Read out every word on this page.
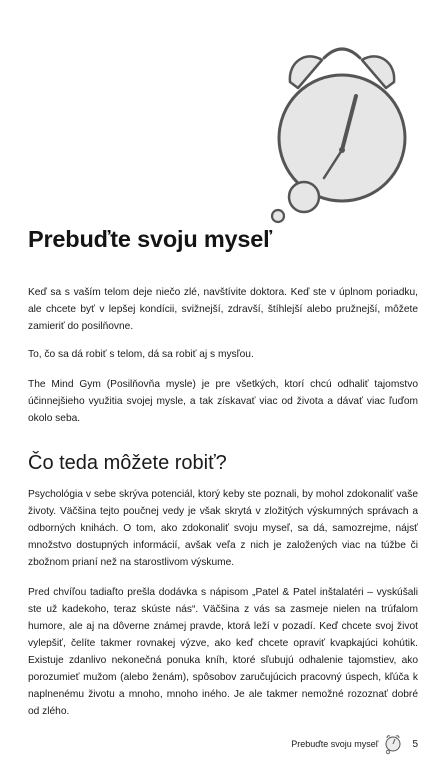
Prebuďte svoju myseľ

Keď sa s vaším telom deje niečo zlé, navštívite doktora. Keď ste v úplnom poriadku, ale chcete byť v lepšej kondícii, svižnejší, zdravší, štíhlejší alebo pružnejší, môžete zamieriť do posilňovne.

To, čo sa dá robiť s telom, dá sa robiť aj s mysľou.

The Mind Gym (Posilňovňa mysle) je pre všetkých, ktorí chcú odhaliť tajomstvo účinnejšieho využitia svojej mysle, a tak získavať viac od života a dávať viac ľuďom okolo seba.

Čo teda môžete robiť?

Psychológia v sebe skrýva potenciál, ktorý keby ste poznali, by mohol zdokonaliť vaše životy. Väčšina tejto poučnej vedy je však skrytá v zložitých výskumných správach a odborných knihách. O tom, ako zdokonaliť svoju myseľ, sa dá, samozrejme, nájsť množstvo dostupných informácií, avšak veľa z nich je založených viac na túžbe či zbožnom prianí než na starostlivom výskume.

Pred chvíľou tadiaľto prešla dodávka s nápisom „Patel & Patel inštalatéri – vyskúšali ste už kadekoho, teraz skúste nás“. Väčšina z vás sa zasmeje nielen na trúfalom humore, ale aj na dôverne známej pravde, ktorá leží v pozadí. Keď chcete svoj život vylepšiť, čelíte takmer rovnakej výzve, ako keď chcete opraviť kvapkajúci kohútik. Existuje zdanlivo nekonečná ponuka kníh, ktoré sľubujú odhalenie tajomstiev, ako porozumieť mužom (alebo ženám), spôsobov zaručujúcich pracovný úspech, kľúča k naplnenému životu a mnoho, mnoho iného. Je ale takmer nemožné rozoznať dobré od zlého.

Prebuďte svoju myseľ	5
